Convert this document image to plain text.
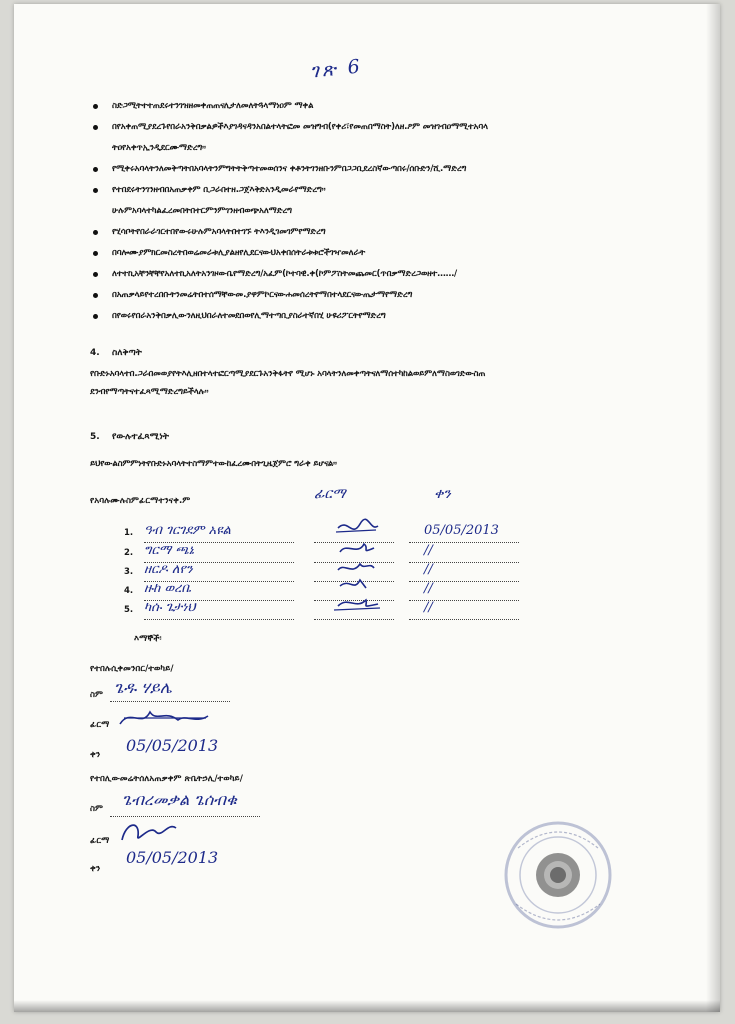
ገጽ 6
ስድጋሚትተተጠደሩተንገዝዘመቀጠጠናሊታለመለትጓላማነዐም ማቀል
በየአቀጠሚያደረጉየበራአንቅበቃልዎችእያገዳናዳንአበልተላትፎመ መዝግብ(የቀሪ፣የመጠበማስት)ለዘ.ዖም መዝገብዐማሚተአባላ
ትዐየአቀጥኢንዲደርሙማድረግ።
የሚቀሩአባላትንለመቅጣትበአባላትንምግትትቅጣተመወሰንና ቀቶንትገንዘቡንምበጋጋቢደረስኛውጣበሩ/ሰቡድን/ሺ.ማድረግ
የተበደሩትንገንዘብበአጠቃቀም ቢጋራበተዘ.ጋጀእቅድአንዲመራየማድረግ።
ሁሉምአባላተካልፈረመበትበተርምንምገንዘብወጭአለማድረግ
የሂሳቦትየበራራገርተበየውሩሁሉምአባላትበተገኙ ትእንዲገመገምየማድረግ
በባሎሙያምክርመስረትበወሬመራቱሊያልዘየሊደርናውህአቀበሰትራቱቱሮችገዣመለራት
ለተተኪአቸንቸቸየአለተኪአለትአንገዞውቤየማድረግ/አፈም(ኮተባዊ.ቀ(ኮምፖስትመጨመር(ጥበቃማድረጋወዘተ……/
በአጠቃላይየተረበቡትንመሬትበተሰማቸውመ.ያዋምኮርናውሐመሰረትየማበተላደርናውጤታማየማድረግ
በየወሩየበራአንቅበቃሊውንለዚህበራለተመደበወየሊማተጣቢያስራተኛበሂ ሁዩሪፖርትየማድረግ
4. ስለቅጣት
የቡድኑአባላተበ.ጋራበመወያየትእሊዘበተላተፎርጣሚያደርጉአንቅፋትየ ሚሆኑ አባላትንለመቀጣትናለማሰተካከልወይምለማስወገድውስጠ
ደንብየማጣትናተፈጻሚማድረግይችላሉ።
5. የውሉተፈጻሚነት
ይህየውልስምምነትየቡድኑአባላትተስማምተውከፈረሙበትጊዜጀምሮ ግራቀ ይሆናል።
የአባሉሙሉስምፊርማተንናቀ.ም	ፊርማ	ቀን
1. ዓብ ገርገደም አዩል	05/05/2013
2. ግርማ ጫኔ	//
3. ዘርዶ ለየን	//
4. ዙከ ወረቤ	//
5. ካሱ ጌታነህ	//
እማኞች፡
የተበሉሲቀመንበር/ተወካይ/
ስም ጌዱ ሃይሌ
ፊርማ
ቀን 05/05/2013
የተበሊውመሬትሰለአጠቃቀም ጽቤትኃሊ/ተወካይ/
ስም ጌብረመቃል ጌሰብቁ
ፊርማ
ቀን
05/05/2013
